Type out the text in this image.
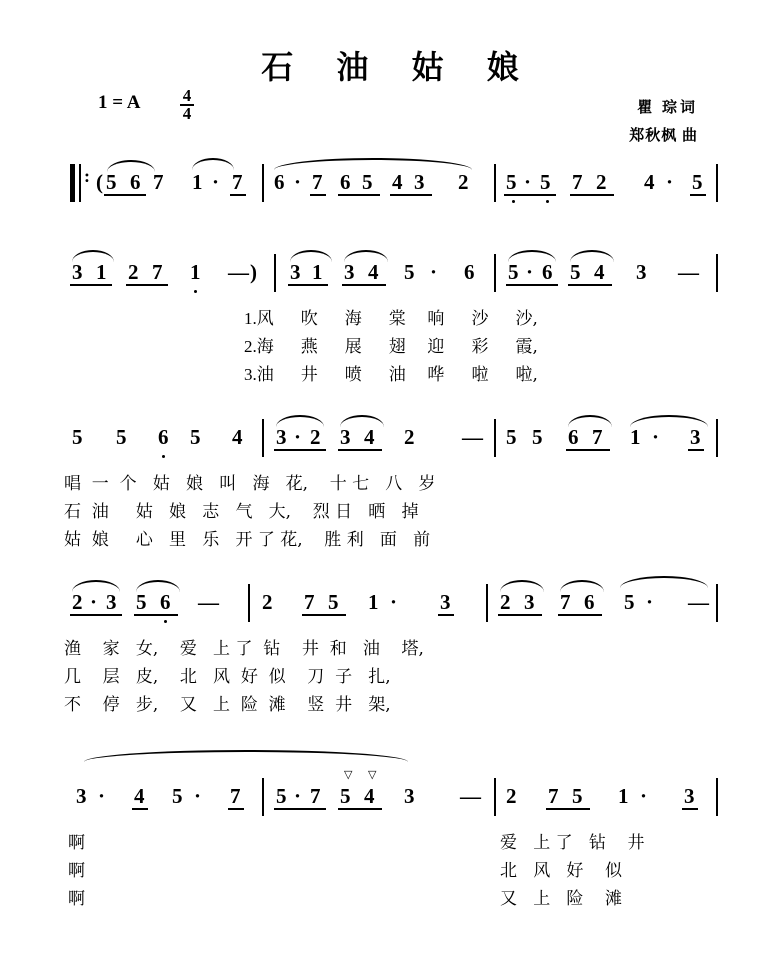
石 油 姑 娘
1 = A $\frac{4}{4}$	瞿 琮词
郑秋枫 曲
: ( 5 6 7 1 · 7 6 · 7 6 5 4 3 2 5 · 5 7 2 4 · 5
3 1 2 7 1 — ) 3 1 3 4 5 · 6 5 · 6 5 4 3 —
1.风     吹     海     棠    响     沙     沙,
2.海     燕     展     翅    迎     彩     霞,
3.油     井     喷     油    哗     啦     啦,
5 5 6 5 4 3 · 2 3 4 2 — 5 5 6 7 1 · 3
唱  一  个   姑   娘   叫   海   花,    十 七   八   岁
石  油     姑   娘   志   气   大,    烈 日   晒   掉
姑  娘     心   里   乐   开 了 花,    胜 利   面   前
2 · 3 5 6 — 2 7 5 1 · 3 2 3 7 6 5 · —
渔    家   女,    爱   上 了  钻    井  和   油    塔,
几    层   皮,    北   风  好  似    刀  子   扎,
不    停   步,    又   上  险  滩    竖  井   架,
3 · 4 5 · 7 5 · 7
▽ ▽
5 4 3 — 2 7 5 1 · 3
啊	爱   上 了   钻    井
啊	北   风   好    似
啊	又   上   险    滩
